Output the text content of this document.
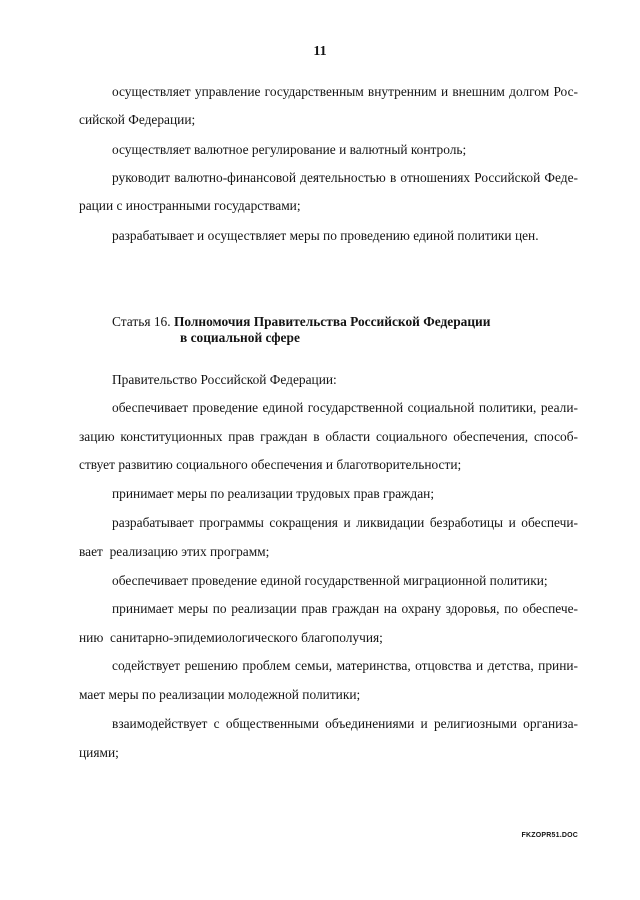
11
осуществляет управление государственным внутренним и внешним долгом Рос-
сийской Федерации;
осуществляет валютное регулирование и валютный контроль;
руководит валютно-финансовой деятельностью в отношениях Российской Феде-
рации с иностранными государствами;
разрабатывает и осуществляет меры по проведению единой политики цен.
Статья 16. Полномочия Правительства Российской Федерации
в социальной сфере
Правительство Российской Федерации:
обеспечивает проведение единой государственной социальной политики, реали-
зацию конституционных прав граждан в области социального обеспечения, способ-
ствует развитию социального обеспечения и благотворительности;
принимает меры по реализации трудовых прав граждан;
разрабатывает программы сокращения и ликвидации безработицы и обеспечи-
вает  реализацию этих программ;
обеспечивает проведение единой государственной миграционной политики;
принимает меры по реализации прав граждан на охрану здоровья, по обеспече-
нию  санитарно-эпидемиологического благополучия;
содействует решению проблем семьи, материнства, отцовства и детства, прини-
мает меры по реализации молодежной политики;
взаимодействует с общественными объединениями и религиозными организа-
циями;
FKZOPR51.DOC
